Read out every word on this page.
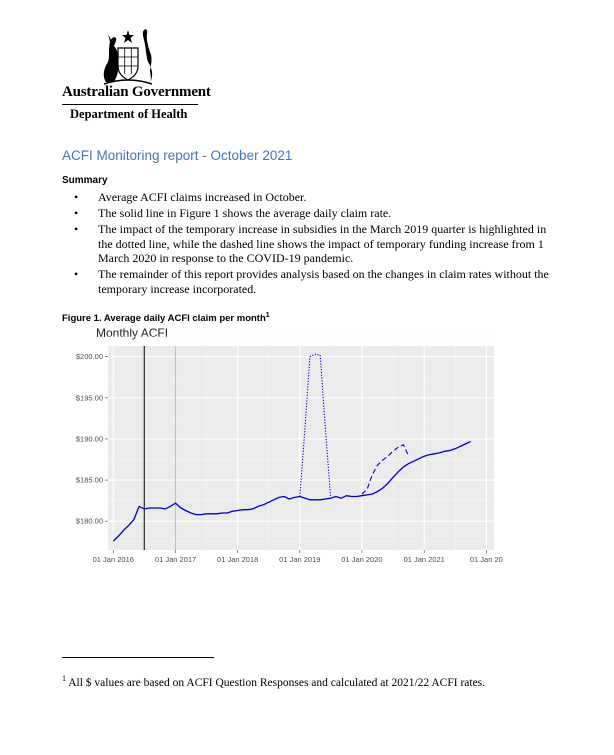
Australian Government
Department of Health
ACFI Monitoring report - October 2021
Summary
• Average ACFI claims increased in October.
• The solid line in Figure 1 shows the average daily claim rate.
• The impact of the temporary increase in subsidies in the March 2019 quarter is highlighted in the dotted line, while the dashed line shows the impact of temporary funding increase from 1 March 2020 in response to the COVID-19 pandemic.
• The remainder of this report provides analysis based on the changes in claim rates without the temporary increase incorporated.
Figure 1. Average daily ACFI claim per month$^1$
Monthly ACFI
$180.00
$185.00
$190.00
$195.00
$200.00
01 Jan 2016	01 Jan 2017	01 Jan 2018	01 Jan 2019	01 Jan 2020	01 Jan 2021	01 Jan 20
$^1$ All $ values are based on ACFI Question Responses and calculated at 2021/22 ACFI rates.
